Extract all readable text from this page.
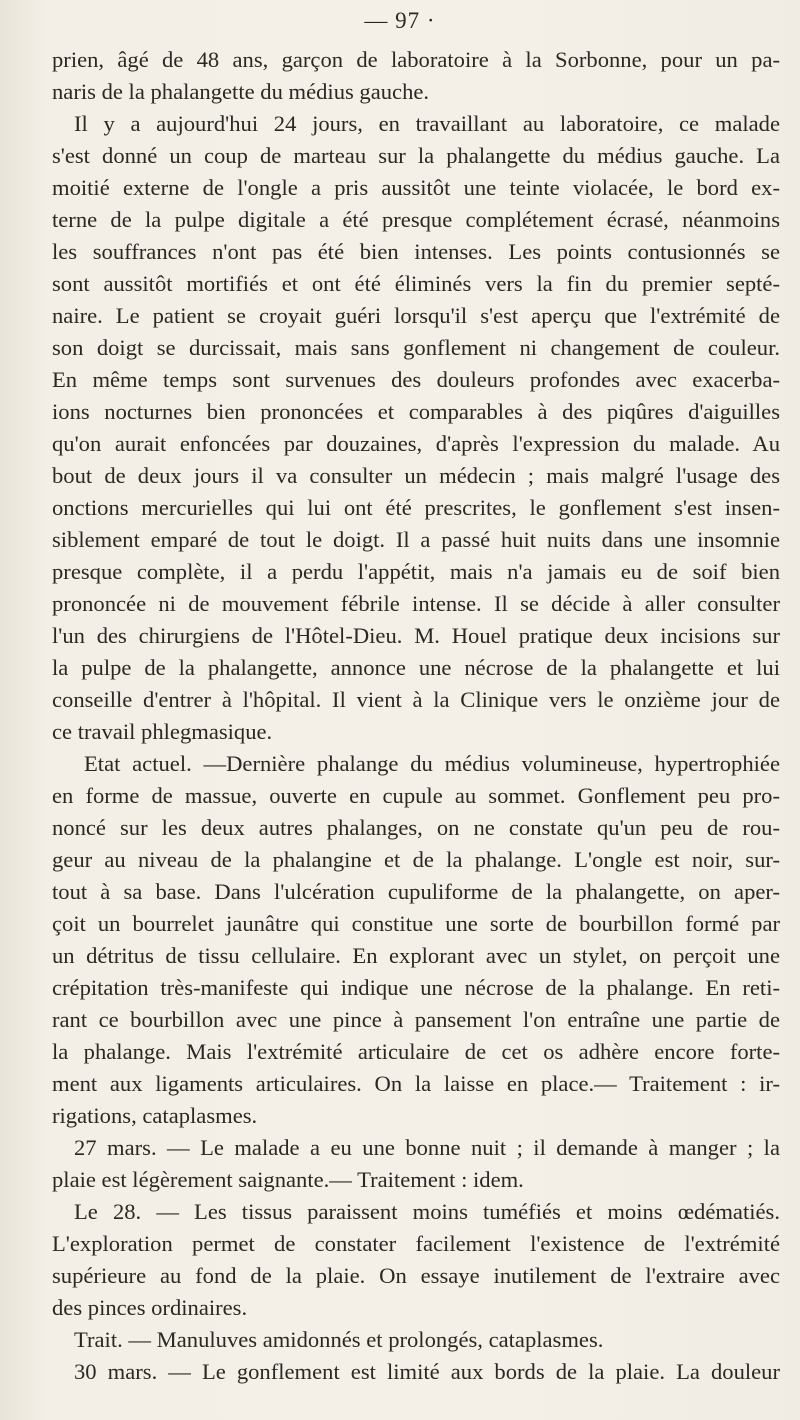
— 97 ·
prien, âgé de 48 ans, garçon de laboratoire à la Sorbonne, pour un pa-
naris de la phalangette du médius gauche.
Il y a aujourd'hui 24 jours, en travaillant au laboratoire, ce malade
s'est donné un coup de marteau sur la phalangette du médius gauche. La
moitié externe de l'ongle a pris aussitôt une teinte violacée, le bord ex-
terne de la pulpe digitale a été presque complétement écrasé, néanmoins
les souffrances n'ont pas été bien intenses. Les points contusionnés se
sont aussitôt mortifiés et ont été éliminés vers la fin du premier septé-
naire. Le patient se croyait guéri lorsqu'il s'est aperçu que l'extrémité de
son doigt se durcissait, mais sans gonflement ni changement de couleur.
En même temps sont survenues des douleurs profondes avec exacerba-
ions nocturnes bien prononcées et comparables à des piqûres d'aiguilles
qu'on aurait enfoncées par douzaines, d'après l'expression du malade. Au
bout de deux jours il va consulter un médecin ; mais malgré l'usage des
onctions mercurielles qui lui ont été prescrites, le gonflement s'est insen-
siblement emparé de tout le doigt. Il a passé huit nuits dans une insomnie
presque complète, il a perdu l'appétit, mais n'a jamais eu de soif bien
prononcée ni de mouvement fébrile intense. Il se décide à aller consulter
l'un des chirurgiens de l'Hôtel-Dieu. M. Houel pratique deux incisions sur
la pulpe de la phalangette, annonce une nécrose de la phalangette et lui
conseille d'entrer à l'hôpital. Il vient à la Clinique vers le onzième jour de
ce travail phlegmasique.
Etat actuel. —Dernière phalange du médius volumineuse, hypertrophiée
en forme de massue, ouverte en cupule au sommet. Gonflement peu pro-
noncé sur les deux autres phalanges, on ne constate qu'un peu de rou-
geur au niveau de la phalangine et de la phalange. L'ongle est noir, sur-
tout à sa base. Dans l'ulcération cupuliforme de la phalangette, on aper-
çoit un bourrelet jaunâtre qui constitue une sorte de bourbillon formé par
un détritus de tissu cellulaire. En explorant avec un stylet, on perçoit une
crépitation très-manifeste qui indique une nécrose de la phalange. En reti-
rant ce bourbillon avec une pince à pansement l'on entraîne une partie de
la phalange. Mais l'extrémité articulaire de cet os adhère encore forte-
ment aux ligaments articulaires. On la laisse en place.— Traitement : ir-
rigations, cataplasmes.
27 mars. — Le malade a eu une bonne nuit ; il demande à manger ; la
plaie est légèrement saignante.— Traitement : idem.
Le 28. — Les tissus paraissent moins tuméfiés et moins œdématiés.
L'exploration permet de constater facilement l'existence de l'extrémité
supérieure au fond de la plaie. On essaye inutilement de l'extraire avec
des pinces ordinaires.
Trait. — Manuluves amidonnés et prolongés, cataplasmes.
30 mars. — Le gonflement est limité aux bords de la plaie. La douleur
